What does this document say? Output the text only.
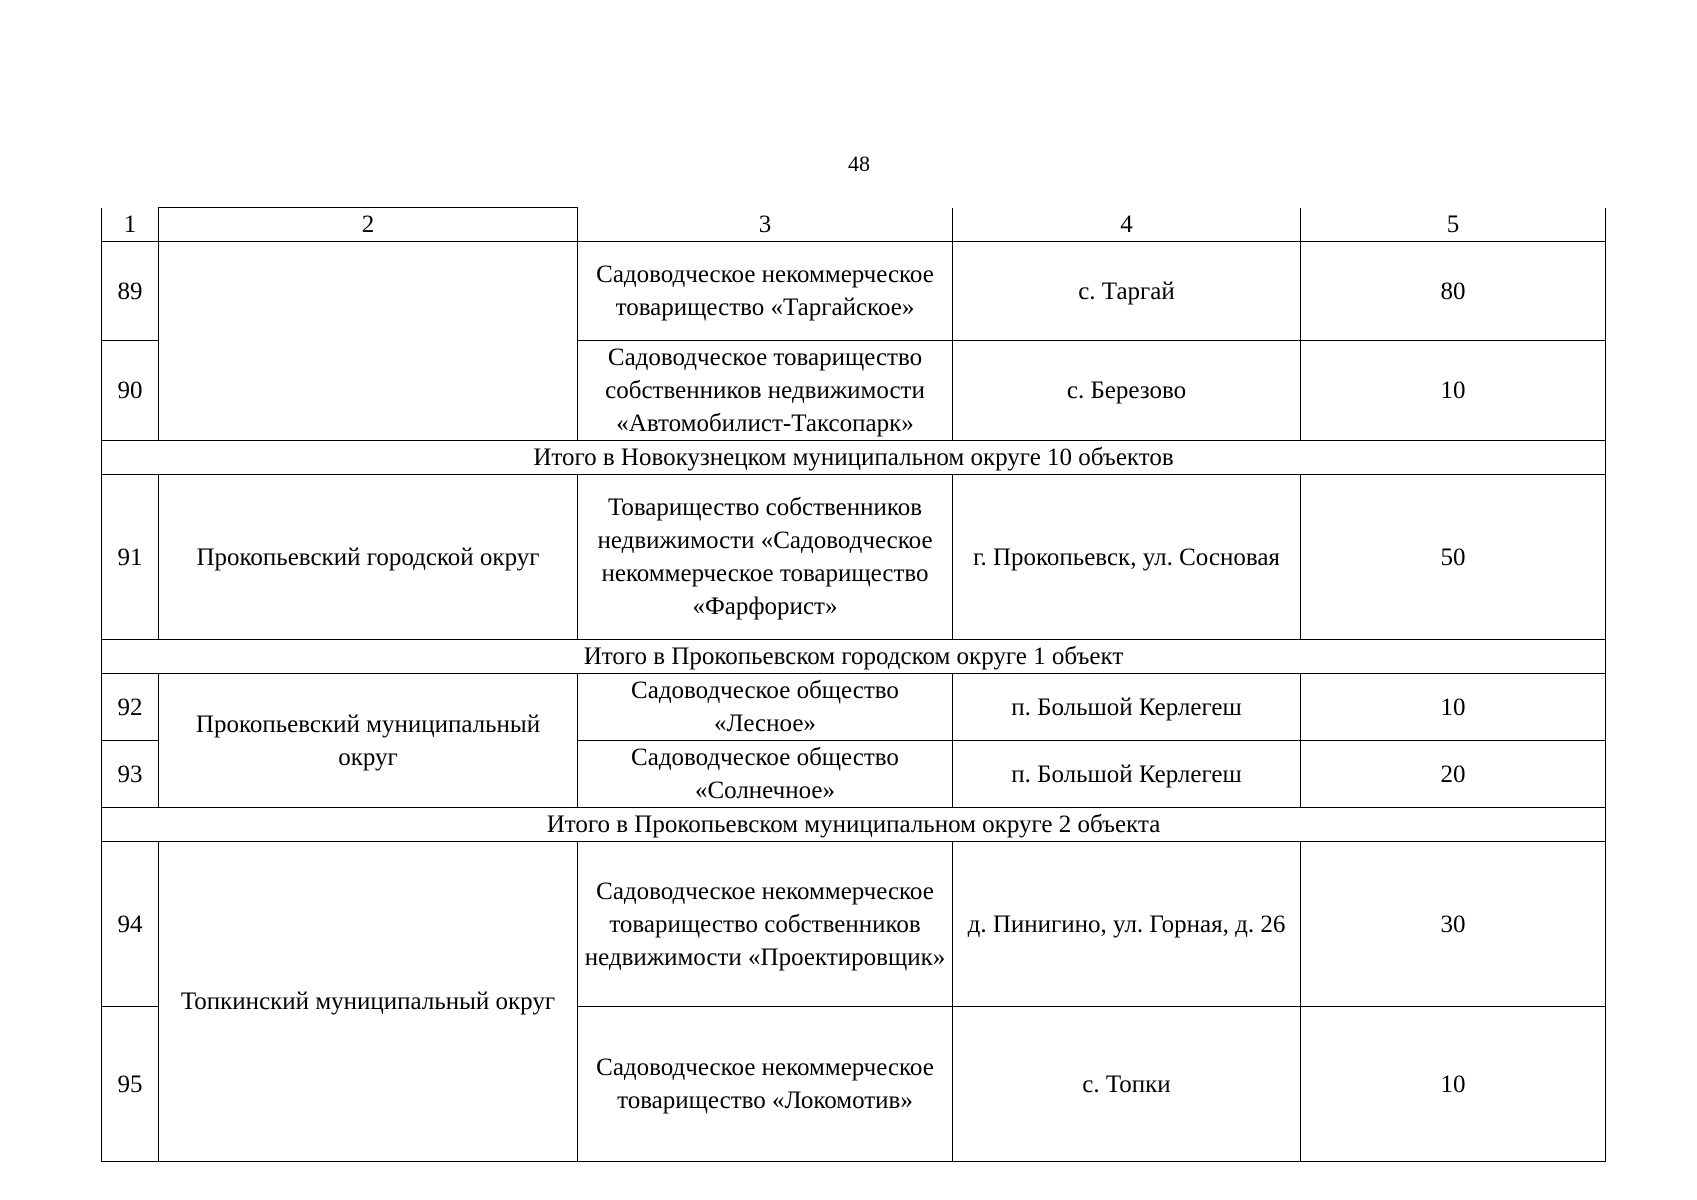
48
1	2	3	4	5
89		Садоводческое некоммерческое товарищество «Таргайское»	с. Таргай	80
90		Садоводческое товарищество собственников недвижимости «Автомобилист-Таксопарк»	с. Березово	10
Итого в Новокузнецком муниципальном округе 10 объектов				
91	Прокопьевский городской округ	Товарищество собственников недвижимости «Садоводческое некоммерческое товарищество «Фарфорист»	г. Прокопьевск, ул. Сосновая	50
Итого в Прокопьевском городском округе 1 объект				
92	Прокопьевский муниципальный округ	Садоводческое общество «Лесное»	п. Большой Керлегеш	10
93		Садоводческое общество «Солнечное»	п. Большой Керлегеш	20
Итого в Прокопьевском муниципальном округе 2 объекта				
94	Топкинский муниципальный округ	Садоводческое некоммерческое товарищество собственников недвижимости «Проектировщик»	д. Пинигино, ул. Горная, д. 26	30
95		Садоводческое некоммерческое товарищество «Локомотив»	с. Топки	10
